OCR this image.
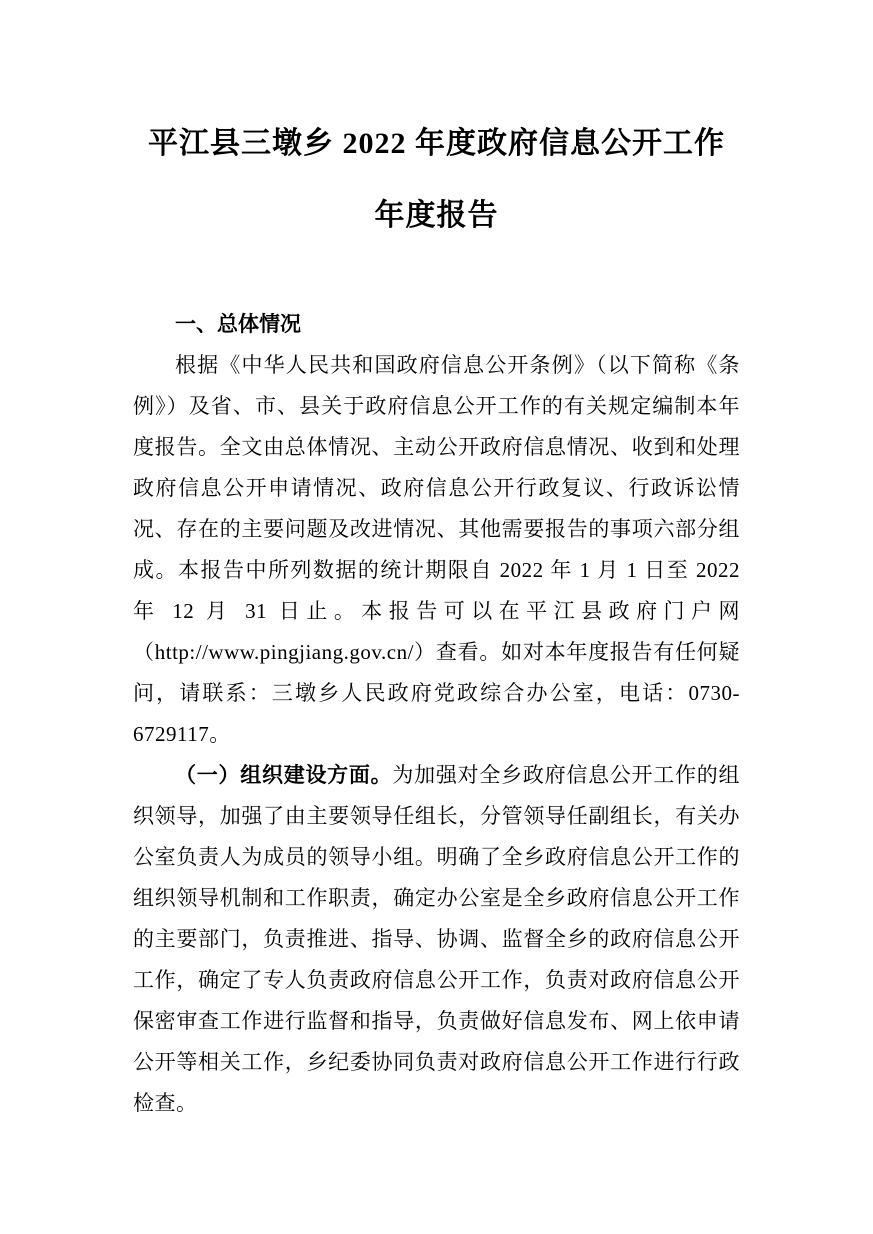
平江县三墩乡 2022 年度政府信息公开工作
年度报告

一、总体情况

根据《中华人民共和国政府信息公开条例》（以下简称《条例》）及省、市、县关于政府信息公开工作的有关规定编制本年度报告。全文由总体情况、主动公开政府信息情况、收到和处理政府信息公开申请情况、政府信息公开行政复议、行政诉讼情况、存在的主要问题及改进情况、其他需要报告的事项六部分组成。本报告中所列数据的统计期限自 2022 年 1 月 1 日至 2022 年 12 月 31 日止。本报告可以在平江县政府门户网（http://www.pingjiang.gov.cn/）查看。如对本年度报告有任何疑问，请联系：三墩乡人民政府党政综合办公室，电话：0730-6729117。

（一）组织建设方面。为加强对全乡政府信息公开工作的组织领导，加强了由主要领导任组长，分管领导任副组长，有关办公室负责人为成员的领导小组。明确了全乡政府信息公开工作的组织领导机制和工作职责，确定办公室是全乡政府信息公开工作的主要部门，负责推进、指导、协调、监督全乡的政府信息公开工作，确定了专人负责政府信息公开工作，负责对政府信息公开保密审查工作进行监督和指导，负责做好信息发布、网上依申请公开等相关工作，乡纪委协同负责对政府信息公开工作进行行政检查。
